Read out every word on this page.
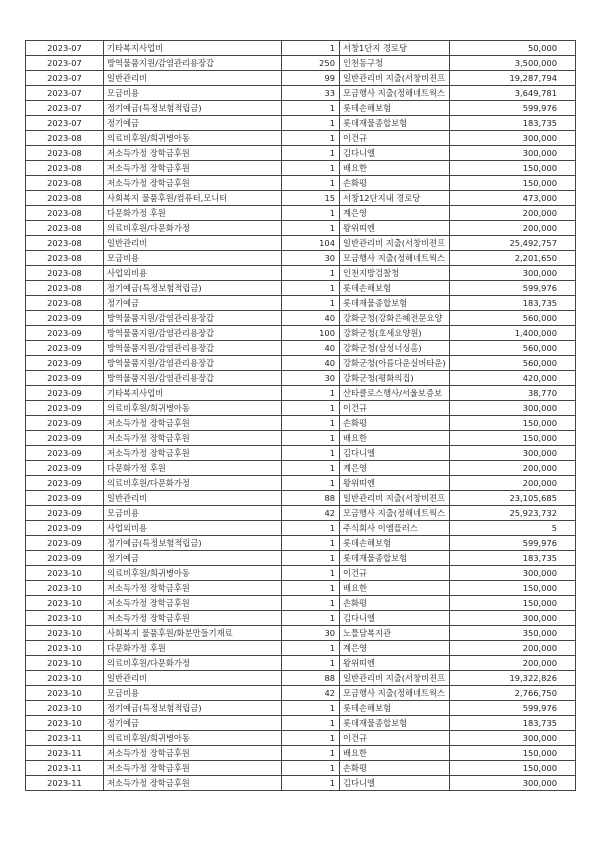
2023-07	기타복지사업비	1	서창1단지 경로당	50,000
2023-07	방역물품지원/감염관리용장갑	250	인천동구청	3,500,000
2023-07	일반관리비	99	일반관리비 지출(서창비젼프	19,287,794
2023-07	모금비용	33	모금행사 지출(정해네트웍스	3,649,781
2023-07	정기예금(특정보험적립금)	1	롯데손해보험	599,976
2023-07	정기예금	1	롯데재물종합보험	183,735
2023-08	의료비후원/희귀병아동	1	이건규	300,000
2023-08	저소득가정 장학금후원	1	김다니엘	300,000
2023-08	저소득가정 장학금후원	1	배요한	150,000
2023-08	저소득가정 장학금후원	1	손화평	150,000
2023-08	사회복지 물품후원/컴퓨터,모니터	15	서창12단지내 경로당	473,000
2023-08	다문화가정 후원	1	계은영	200,000
2023-08	의료비후원/다문화가정	1	왕위띠엔	200,000
2023-08	일반관리비	104	일반관리비 지출(서창비젼프	25,492,757
2023-08	모금비용	30	모금행사 지출(정해네트웍스	2,201,650
2023-08	사업외비용	1	인천지방검찰청	300,000
2023-08	정기예금(특정보험적립금)	1	롯데손해보험	599,976
2023-08	정기예금	1	롯데재물종합보험	183,735
2023-09	방역물품지원/감염관리용장갑	40	강화군청(강화은혜전문요양	560,000
2023-09	방역물품지원/감염관리용장갑	100	강화군청(호세요양원)	1,400,000
2023-09	방역물품지원/감염관리용장갑	40	강화군청(삼성너싱홈)	560,000
2023-09	방역물품지원/감염관리용장갑	40	강화군청(아름다운실버타운)	560,000
2023-09	방역물품지원/감염관리용장갑	30	강화군청(평화의집)	420,000
2023-09	기타복지사업비	1	산타클로스행사/서울보증보	38,770
2023-09	의료비후원/희귀병아동	1	이건규	300,000
2023-09	저소득가정 장학금후원	1	손화평	150,000
2023-09	저소득가정 장학금후원	1	배요한	150,000
2023-09	저소득가정 장학금후원	1	김다니엘	300,000
2023-09	다문화가정 후원	1	계은영	200,000
2023-09	의료비후원/다문화가정	1	왕위띠엔	200,000
2023-09	일반관리비	88	일반관리비 지출(서창비젼프	23,105,685
2023-09	모금비용	42	모금행사 지출(정해네트웍스	25,923,732
2023-09	사업외비용	1	주식회사 이엠플러스	5
2023-09	정기예금(특정보험적립금)	1	롯데손해보험	599,976
2023-09	정기예금	1	롯데재물종합보험	183,735
2023-10	의료비후원/희귀병아동	1	이건규	300,000
2023-10	저소득가정 장학금후원	1	배요한	150,000
2023-10	저소득가정 장학금후원	1	손화평	150,000
2023-10	저소득가정 장학금후원	1	김다니엘	300,000
2023-10	사회복지 물품후원/화분만들기재료	30	노틀담복지관	350,000
2023-10	다문화가정 후원	1	계은영	200,000
2023-10	의료비후원/다문화가정	1	왕위띠엔	200,000
2023-10	일반관리비	88	일반관리비 지출(서창비젼프	19,322,826
2023-10	모금비용	42	모금행사 지출(정해네트웍스	2,766,750
2023-10	정기예금(특정보험적립금)	1	롯데손해보험	599,976
2023-10	정기예금	1	롯데재물종합보험	183,735
2023-11	의료비후원/희귀병아동	1	이건규	300,000
2023-11	저소득가정 장학금후원	1	배요한	150,000
2023-11	저소득가정 장학금후원	1	손화평	150,000
2023-11	저소득가정 장학금후원	1	김다니엘	300,000
